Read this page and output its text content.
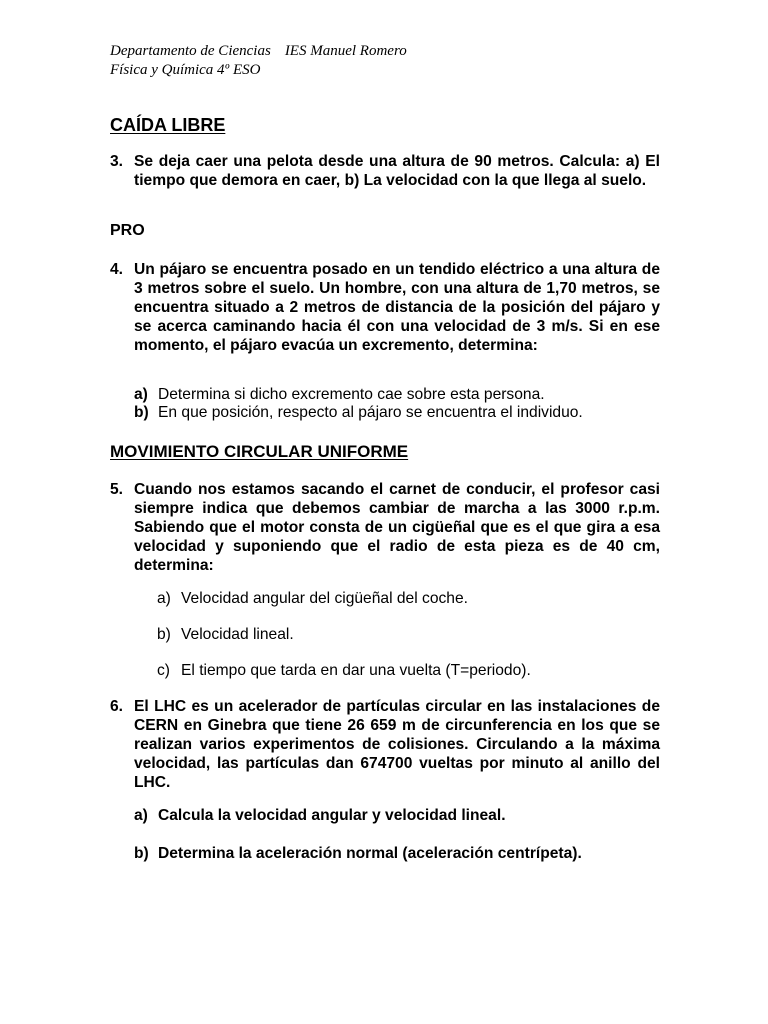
Departamento de Ciencias IES Manuel Romero
Física y Química 4º ESO
CAÍDA LIBRE
3. Se deja caer una pelota desde una altura de 90 metros. Calcula: a) El tiempo que demora en caer, b) La velocidad con la que llega al suelo.
PRO
4. Un pájaro se encuentra posado en un tendido eléctrico a una altura de 3 metros sobre el suelo. Un hombre, con una altura de 1,70 metros, se encuentra situado a 2 metros de distancia de la posición del pájaro y se acerca caminando hacia él con una velocidad de 3 m/s. Si en ese momento, el pájaro evacúa un excremento, determina:
a) Determina si dicho excremento cae sobre esta persona.
b) En que posición, respecto al pájaro se encuentra el individuo.
MOVIMIENTO CIRCULAR UNIFORME
5. Cuando nos estamos sacando el carnet de conducir, el profesor casi siempre indica que debemos cambiar de marcha a las 3000 r.p.m. Sabiendo que el motor consta de un cigüeñal que es el que gira a esa velocidad y suponiendo que el radio de esta pieza es de 40 cm, determina:
a) Velocidad angular del cigüeñal del coche.
b) Velocidad lineal.
c) El tiempo que tarda en dar una vuelta (T=periodo).
6. El LHC es un acelerador de partículas circular en las instalaciones de CERN en Ginebra que tiene 26 659 m de circunferencia en los que se realizan varios experimentos de colisiones. Circulando a la máxima velocidad, las partículas dan 674700 vueltas por minuto al anillo del LHC.
a) Calcula la velocidad angular y velocidad lineal.
b) Determina la aceleración normal (aceleración centrípeta).
